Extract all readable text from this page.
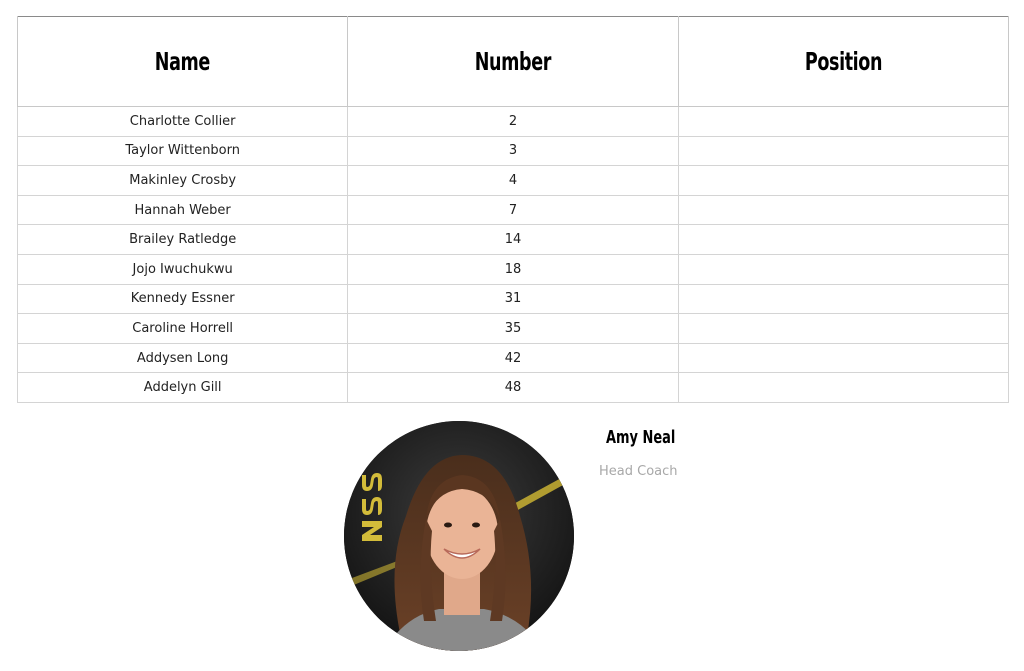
Name	Number	Position
Charlotte Collier	2	
Taylor Wittenborn	3	
Makinley Crosby	4	
Hannah Weber	7	
Brailey Ratledge	14	
Jojo Iwuchukwu	18	
Kennedy Essner	31	
Caroline Horrell	35	
Addysen Long	42	
Addelyn Gill	48	
Amy Neal
Head Coach
